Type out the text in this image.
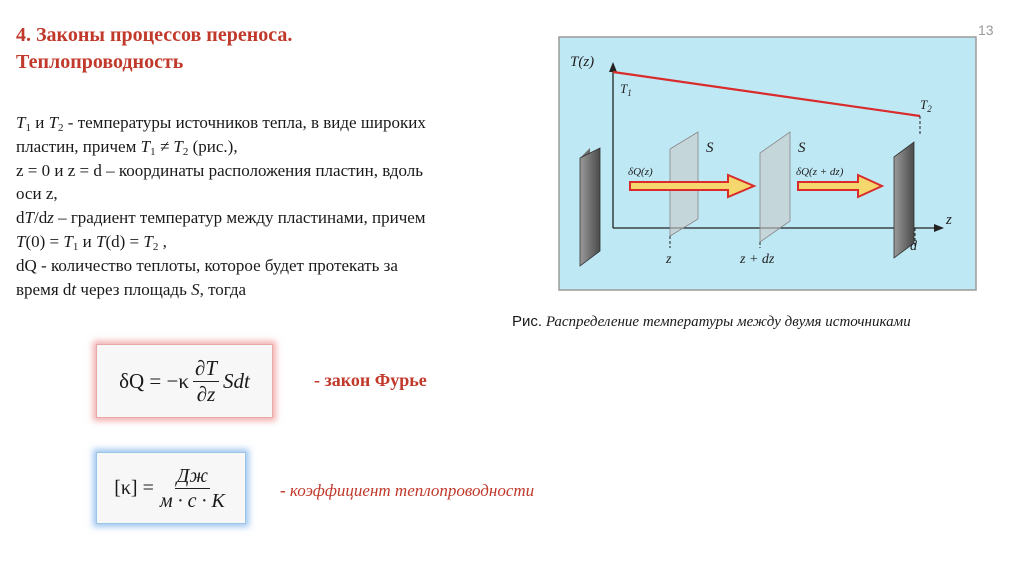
13
4. Законы процессов переноса.
Теплопроводность
$T_1$ и $T_2$ - температуры источников тепла, в виде широких
пластин, причем $T_1 \ne T_2$ (рис.),
z = 0 и z = d – координаты расположения пластин, вдоль
оси z,
dT/dz – градиент температур между пластинами, причем
$T(0) = T_1$ и $T(d) = T_2$ ,
dQ - количество теплоты, которое будет протекать за
время dt через площадь S, тогда
T(z)
z
$T_1$
$T_2$
S	S
δQ(z)	δQ(z + dz)
z	z + dz
d
Рис. Распределение температуры между двумя источниками
$\delta Q = -\kappa \frac{\partial T}{\partial z}$ Sdt	- закон Фурье
$[\kappa] = \frac{Дж}{м \cdot с \cdot К}$	- коэффициент теплопроводности
